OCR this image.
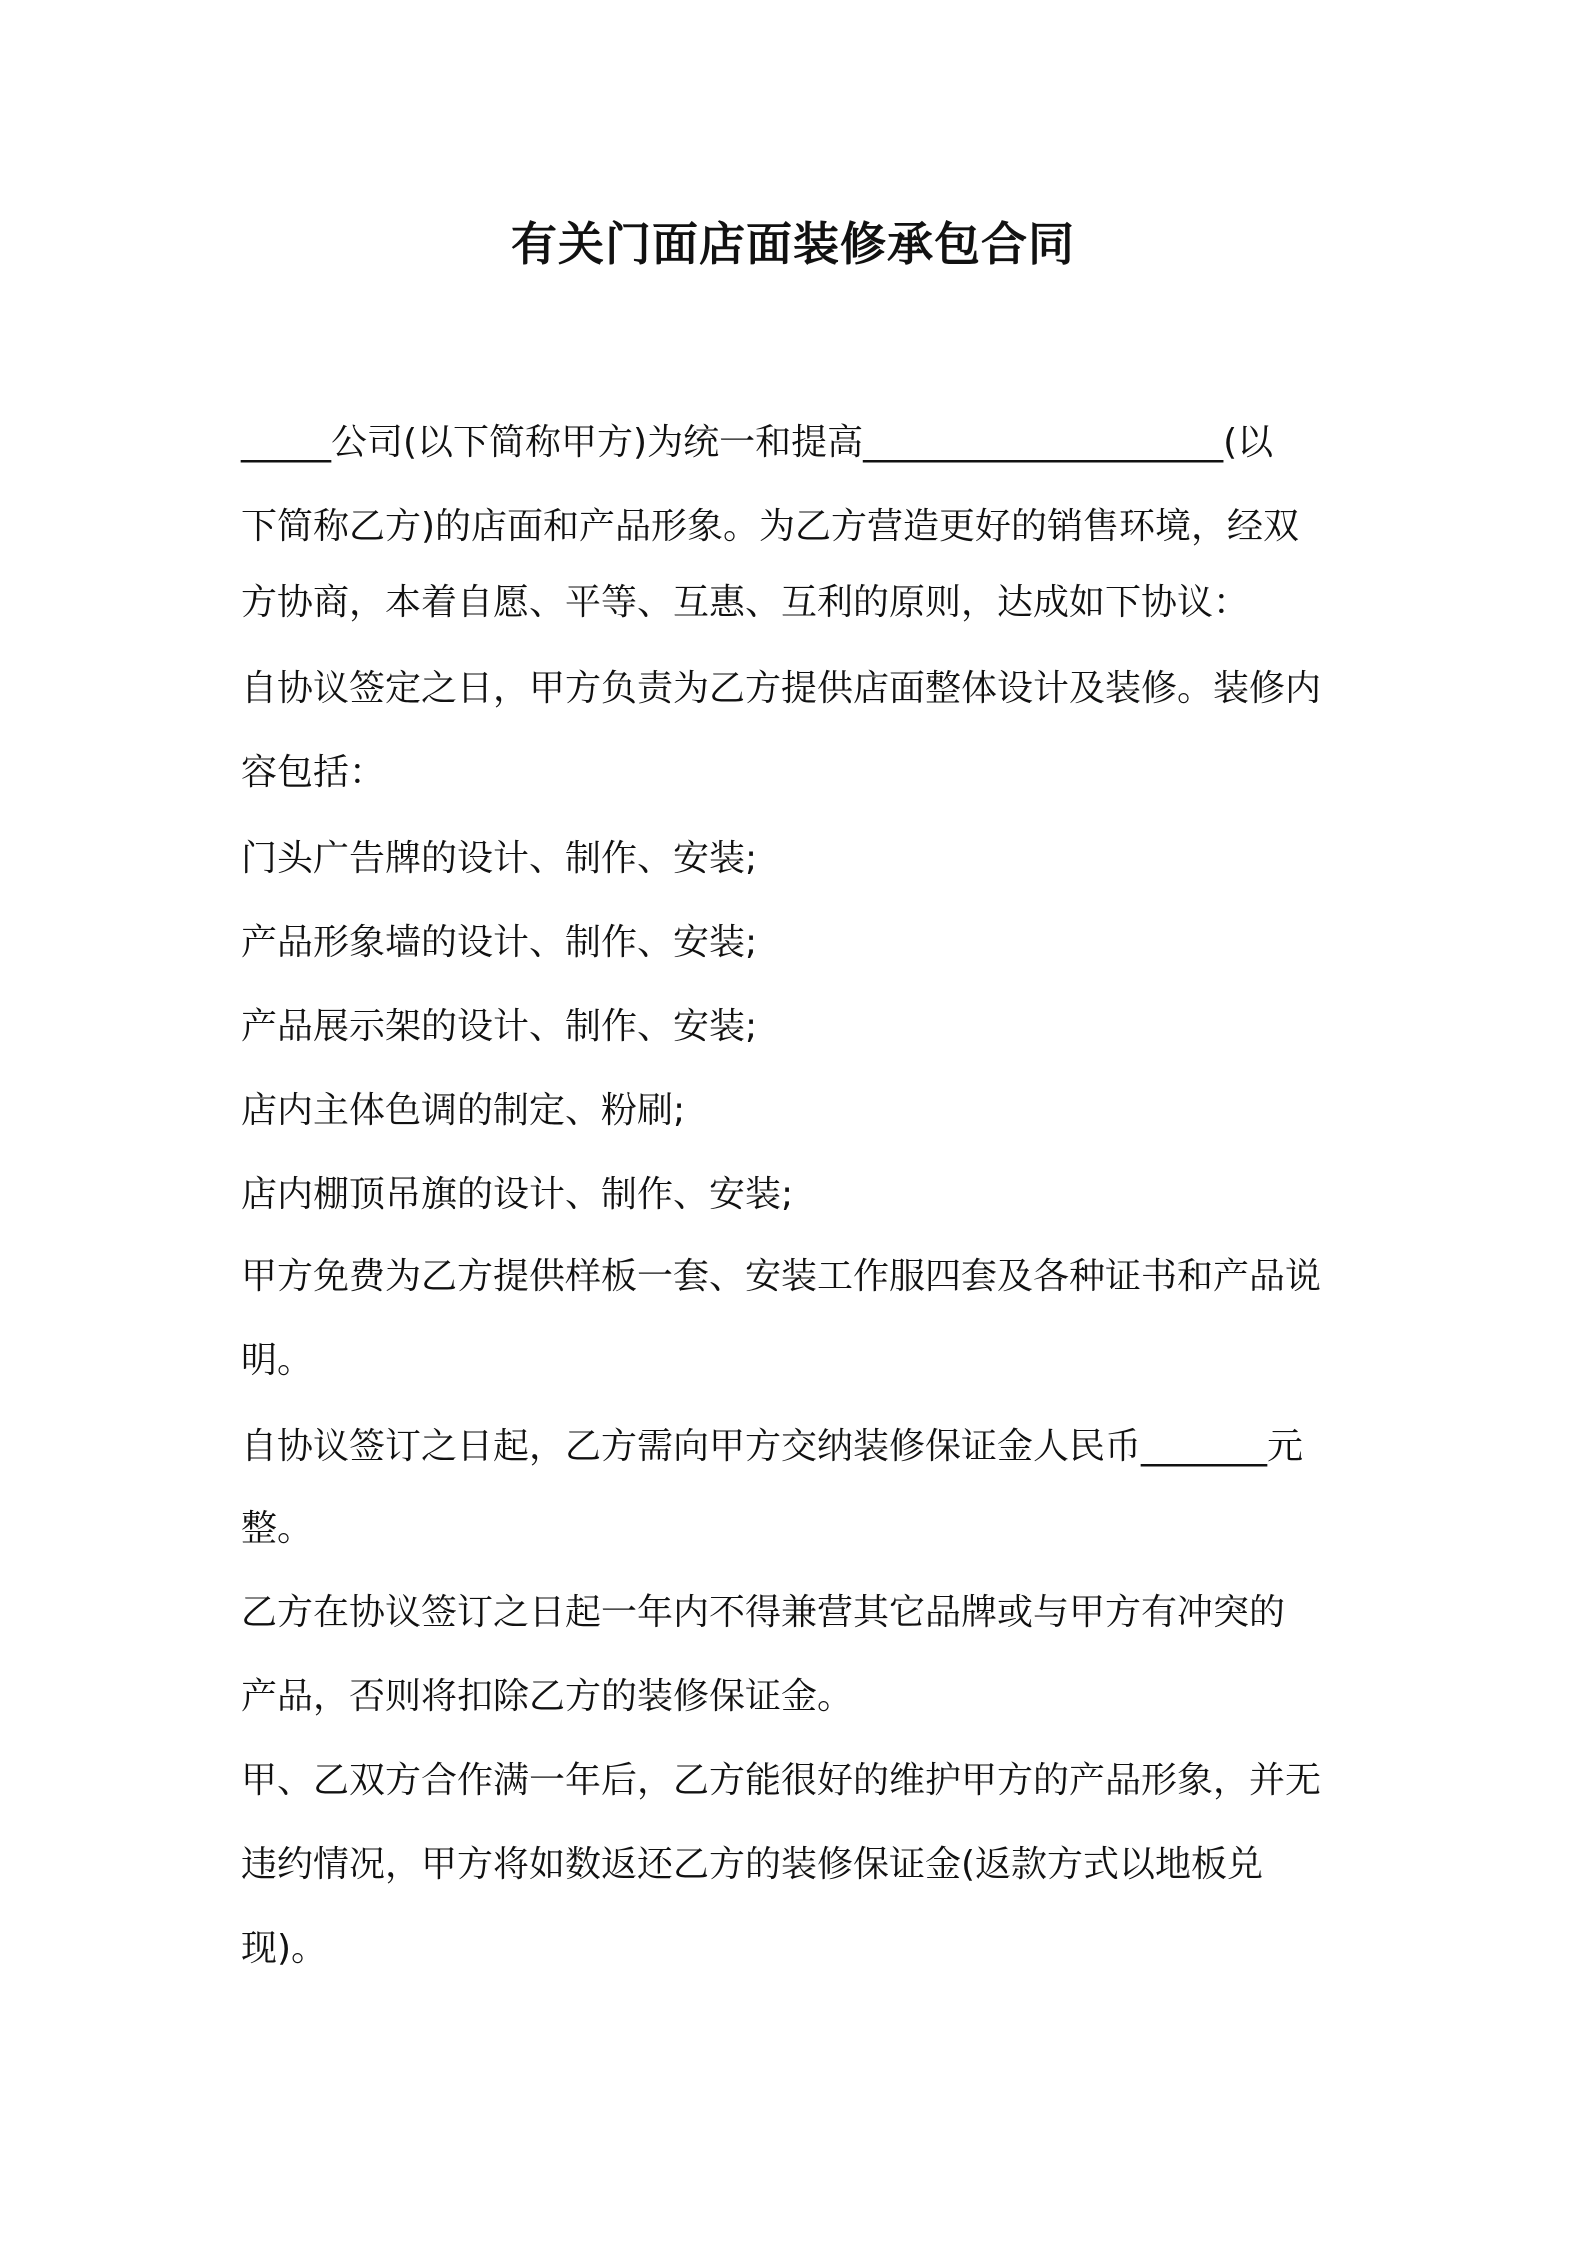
有关门面店面装修承包合同
_____公司(以下简称甲方)为统一和提高____________________(以
下简称乙方)的店面和产品形象。为乙方营造更好的销售环境，经双
方协商，本着自愿、平等、互惠、互利的原则，达成如下协议：
自协议签定之日，甲方负责为乙方提供店面整体设计及装修。装修内
容包括：
门头广告牌的设计、制作、安装;
产品形象墙的设计、制作、安装;
产品展示架的设计、制作、安装;
店内主体色调的制定、粉刷;
店内棚顶吊旗的设计、制作、安装;
甲方免费为乙方提供样板一套、安装工作服四套及各种证书和产品说
明。
自协议签订之日起，乙方需向甲方交纳装修保证金人民币_______元
整。
乙方在协议签订之日起一年内不得兼营其它品牌或与甲方有冲突的
产品，否则将扣除乙方的装修保证金。
甲、乙双方合作满一年后，乙方能很好的维护甲方的产品形象，并无
违约情况，甲方将如数返还乙方的装修保证金(返款方式以地板兑
现)。
